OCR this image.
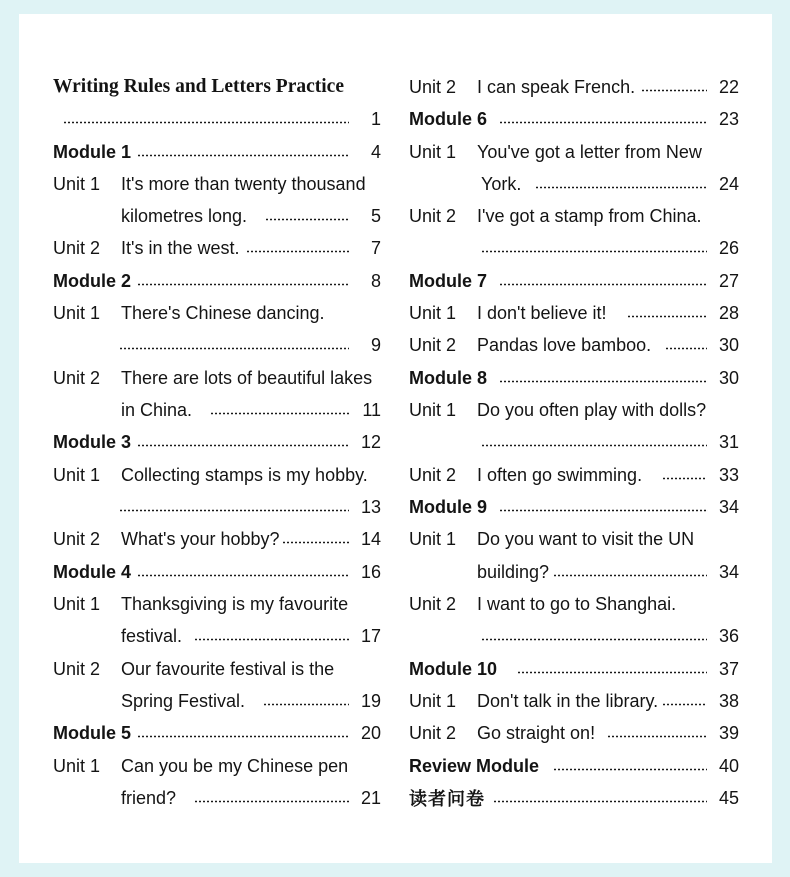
Writing Rules and Letters Practice
1
Module 1	4
Unit 1	It's more than twenty thousand
kilometres long.	5
Unit 2	It's in the west.	7
Module 2	8
Unit 1	There's Chinese dancing.
9
Unit 2	There are lots of beautiful lakes
in China.	11
Module 3	12
Unit 1	Collecting stamps is my hobby.
13
Unit 2	What's your hobby?	14
Module 4	16
Unit 1	Thanksgiving is my favourite
festival.	17
Unit 2	Our favourite festival is the
Spring Festival.	19
Module 5	20
Unit 1	Can you be my Chinese pen
friend?	21
Unit 2	I can speak French.	22
Module 6	23
Unit 1	You've got a letter from New
York.	24
Unit 2	I've got a stamp from China.
26
Module 7	27
Unit 1	I don't believe it!	28
Unit 2	Pandas love bamboo.	30
Module 8	30
Unit 1	Do you often play with dolls?
31
Unit 2	I often go swimming.	33
Module 9	34
Unit 1	Do you want to visit the UN
building?	34
Unit 2	I want to go to Shanghai.
36
Module 10	37
Unit 1	Don't talk in the library.	38
Unit 2	Go straight on!	39
Review Module	40
读者问卷	45
